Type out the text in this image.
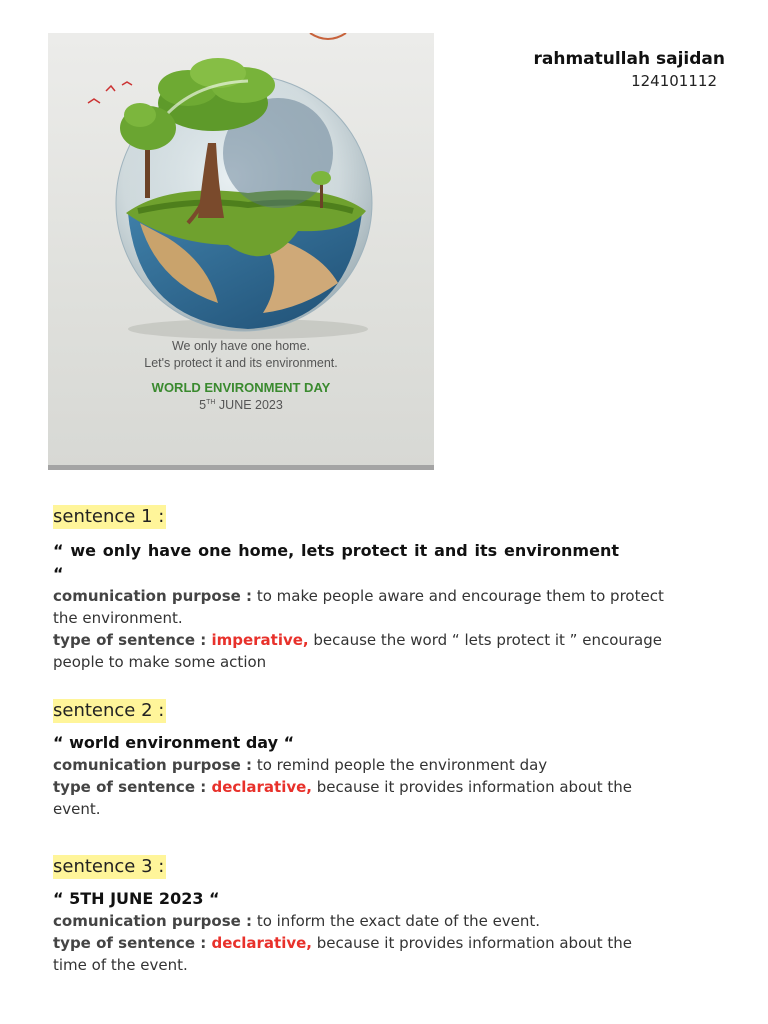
We only have one home.
Let's protect it and its environment.
WORLD ENVIRONMENT DAY
5TH JUNE 2023
rahmatullah sajidan
124101112
sentence 1 :
“ we only have one home, lets protect it and its environment “
comunication purpose : to make people aware and encourage them to protect the environment.
type of sentence : imperative, because the word “ lets protect it ” encourage people to make some action
sentence 2 :
“ world environment day “
comunication purpose : to remind people the environment day
type of sentence : declarative, because it provides information about the event.
sentence 3 :
“ 5TH JUNE 2023 “
comunication purpose : to inform the exact date of the event.
type of sentence : declarative, because it provides information about the time of the event.
